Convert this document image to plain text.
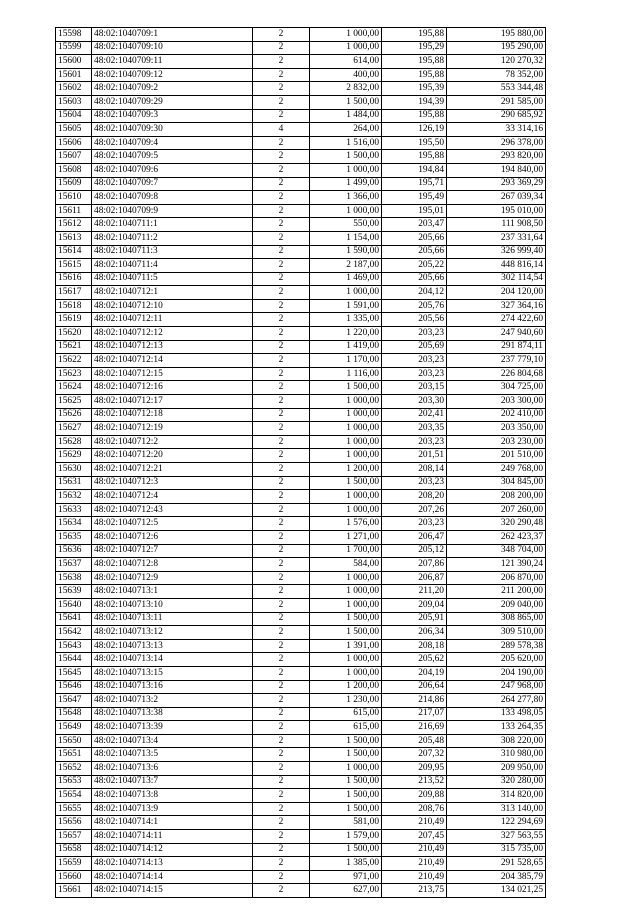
15598	48:02:1040709:1	2	1 000,00	195,88	195 880,00
15599	48:02:1040709:10	2	1 000,00	195,29	195 290,00
15600	48:02:1040709:11	2	614,00	195,88	120 270,32
15601	48:02:1040709:12	2	400,00	195,88	78 352,00
15602	48:02:1040709:2	2	2 832,00	195,39	553 344,48
15603	48:02:1040709:29	2	1 500,00	194,39	291 585,00
15604	48:02:1040709:3	2	1 484,00	195,88	290 685,92
15605	48:02:1040709:30	4	264,00	126,19	33 314,16
15606	48:02:1040709:4	2	1 516,00	195,50	296 378,00
15607	48:02:1040709:5	2	1 500,00	195,88	293 820,00
15608	48:02:1040709:6	2	1 000,00	194,84	194 840,00
15609	48:02:1040709:7	2	1 499,00	195,71	293 369,29
15610	48:02:1040709:8	2	1 366,00	195,49	267 039,34
15611	48:02:1040709:9	2	1 000,00	195,01	195 010,00
15612	48:02:1040711:1	2	550,00	203,47	111 908,50
15613	48:02:1040711:2	2	1 154,00	205,66	237 331,64
15614	48:02:1040711:3	2	1 590,00	205,66	326 999,40
15615	48:02:1040711:4	2	2 187,00	205,22	448 816,14
15616	48:02:1040711:5	2	1 469,00	205,66	302 114,54
15617	48:02:1040712:1	2	1 000,00	204,12	204 120,00
15618	48:02:1040712:10	2	1 591,00	205,76	327 364,16
15619	48:02:1040712:11	2	1 335,00	205,56	274 422,60
15620	48:02:1040712:12	2	1 220,00	203,23	247 940,60
15621	48:02:1040712:13	2	1 419,00	205,69	291 874,11
15622	48:02:1040712:14	2	1 170,00	203,23	237 779,10
15623	48:02:1040712:15	2	1 116,00	203,23	226 804,68
15624	48:02:1040712:16	2	1 500,00	203,15	304 725,00
15625	48:02:1040712:17	2	1 000,00	203,30	203 300,00
15626	48:02:1040712:18	2	1 000,00	202,41	202 410,00
15627	48:02:1040712:19	2	1 000,00	203,35	203 350,00
15628	48:02:1040712:2	2	1 000,00	203,23	203 230,00
15629	48:02:1040712:20	2	1 000,00	201,51	201 510,00
15630	48:02:1040712:21	2	1 200,00	208,14	249 768,00
15631	48:02:1040712:3	2	1 500,00	203,23	304 845,00
15632	48:02:1040712:4	2	1 000,00	208,20	208 200,00
15633	48:02:1040712:43	2	1 000,00	207,26	207 260,00
15634	48:02:1040712:5	2	1 576,00	203,23	320 290,48
15635	48:02:1040712:6	2	1 271,00	206,47	262 423,37
15636	48:02:1040712:7	2	1 700,00	205,12	348 704,00
15637	48:02:1040712:8	2	584,00	207,86	121 390,24
15638	48:02:1040712:9	2	1 000,00	206,87	206 870,00
15639	48:02:1040713:1	2	1 000,00	211,20	211 200,00
15640	48:02:1040713:10	2	1 000,00	209,04	209 040,00
15641	48:02:1040713:11	2	1 500,00	205,91	308 865,00
15642	48:02:1040713:12	2	1 500,00	206,34	309 510,00
15643	48:02:1040713:13	2	1 391,00	208,18	289 578,38
15644	48:02:1040713:14	2	1 000,00	205,62	205 620,00
15645	48:02:1040713:15	2	1 000,00	204,19	204 190,00
15646	48:02:1040713:16	2	1 200,00	206,64	247 968,00
15647	48:02:1040713:2	2	1 230,00	214,86	264 277,80
15648	48:02:1040713:38	2	615,00	217,07	133 498,05
15649	48:02:1040713:39	2	615,00	216,69	133 264,35
15650	48:02:1040713:4	2	1 500,00	205,48	308 220,00
15651	48:02:1040713:5	2	1 500,00	207,32	310 980,00
15652	48:02:1040713:6	2	1 000,00	209,95	209 950,00
15653	48:02:1040713:7	2	1 500,00	213,52	320 280,00
15654	48:02:1040713:8	2	1 500,00	209,88	314 820,00
15655	48:02:1040713:9	2	1 500,00	208,76	313 140,00
15656	48:02:1040714:1	2	581,00	210,49	122 294,69
15657	48:02:1040714:11	2	1 579,00	207,45	327 563,55
15658	48:02:1040714:12	2	1 500,00	210,49	315 735,00
15659	48:02:1040714:13	2	1 385,00	210,49	291 528,65
15660	48:02:1040714:14	2	971,00	210,49	204 385,79
15661	48:02:1040714:15	2	627,00	213,75	134 021,25
